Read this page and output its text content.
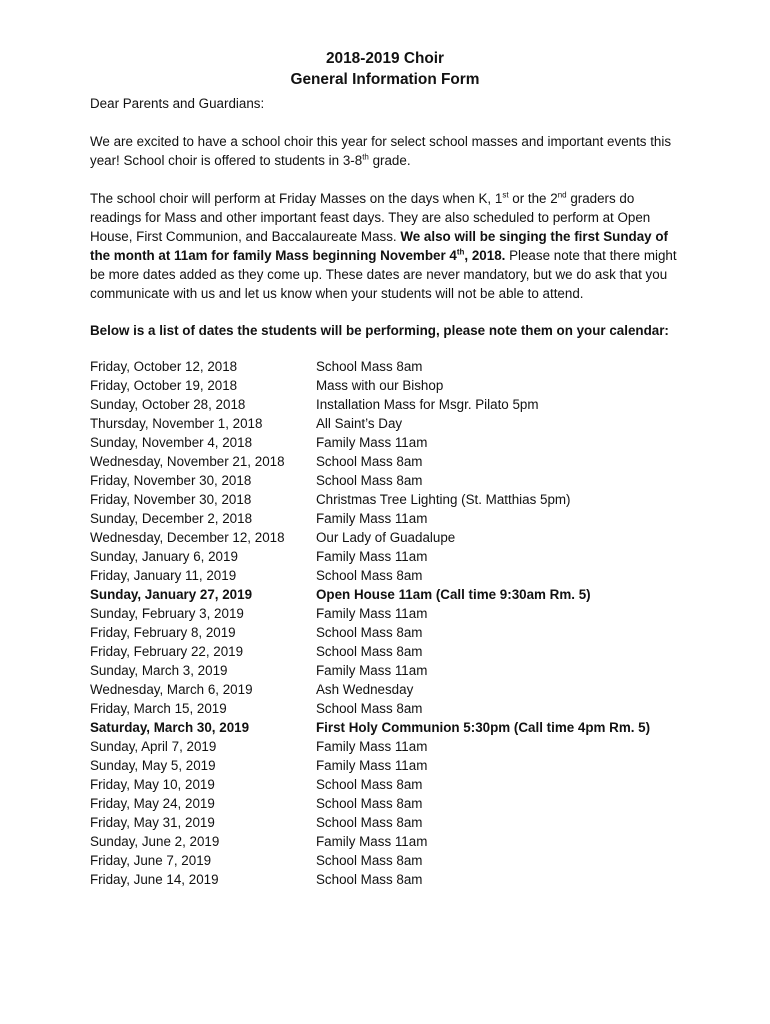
2018-2019 Choir
General Information Form

Dear Parents and Guardians:

We are excited to have a school choir this year for select school masses and important events this year! School choir is offered to students in 3-8th grade.

The school choir will perform at Friday Masses on the days when K, 1st or the 2nd graders do readings for Mass and other important feast days. They are also scheduled to perform at Open House, First Communion, and Baccalaureate Mass. We also will be singing the first Sunday of the month at 11am for family Mass beginning November 4th, 2018. Please note that there might be more dates added as they come up. These dates are never mandatory, but we do ask that you communicate with us and let us know when your students will not be able to attend.

Below is a list of dates the students will be performing, please note them on your calendar:

Friday, October 12, 2018	School Mass 8am
Friday, October 19, 2018	Mass with our Bishop
Sunday, October 28, 2018	Installation Mass for Msgr. Pilato 5pm
Thursday, November 1, 2018	All Saint’s Day
Sunday, November 4, 2018	Family Mass 11am
Wednesday, November 21, 2018	School Mass 8am
Friday, November 30, 2018	School Mass 8am
Friday, November 30, 2018	Christmas Tree Lighting (St. Matthias 5pm)
Sunday, December 2, 2018	Family Mass 11am
Wednesday, December 12, 2018	Our Lady of Guadalupe
Sunday, January 6, 2019	Family Mass 11am
Friday, January 11, 2019	School Mass 8am
Sunday, January 27, 2019	Open House 11am (Call time 9:30am Rm. 5)
Sunday, February 3, 2019	Family Mass 11am
Friday, February 8, 2019	School Mass 8am
Friday, February 22, 2019	School Mass 8am
Sunday, March 3, 2019	Family Mass 11am
Wednesday, March 6, 2019	Ash Wednesday
Friday, March 15, 2019	School Mass 8am
Saturday, March 30, 2019	First Holy Communion 5:30pm (Call time 4pm Rm. 5)
Sunday, April 7, 2019	Family Mass 11am
Sunday, May 5, 2019	Family Mass 11am
Friday, May 10, 2019	School Mass 8am
Friday, May 24, 2019	School Mass 8am
Friday, May 31, 2019	School Mass 8am
Sunday, June 2, 2019	Family Mass 11am
Friday, June 7, 2019	School Mass 8am
Friday, June 14, 2019	School Mass 8am
